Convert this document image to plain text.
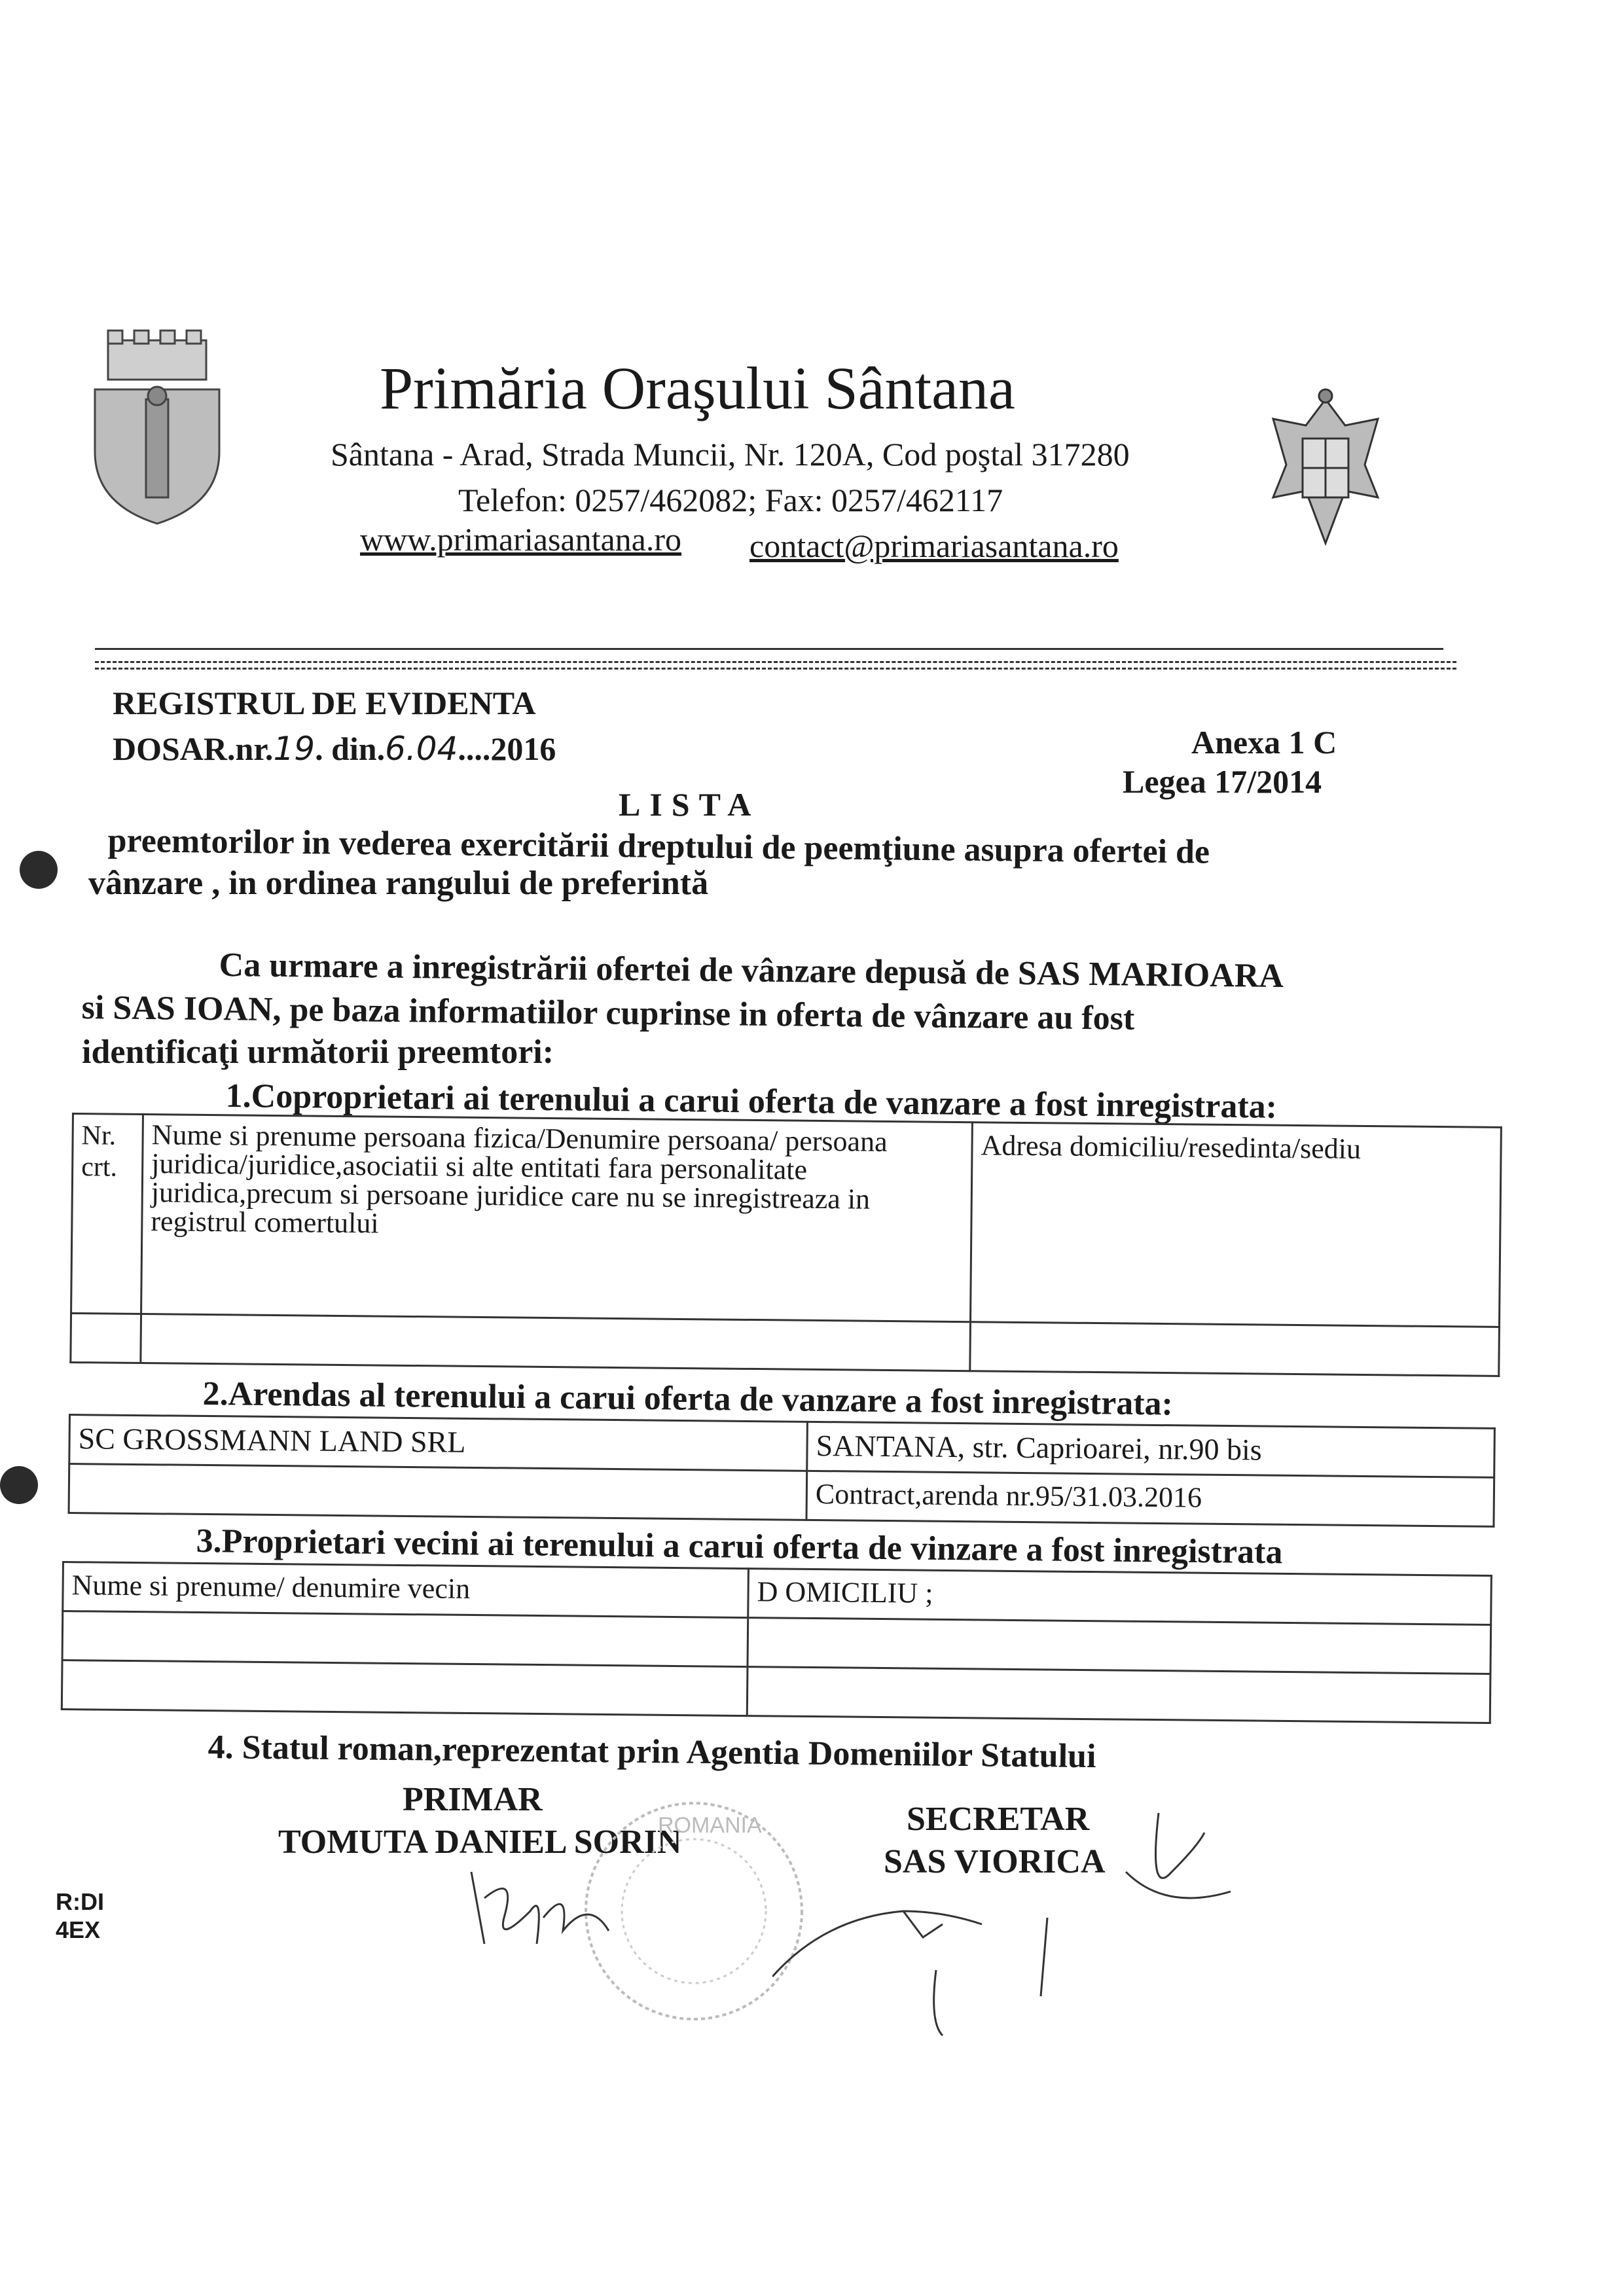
Primăria Oraşului Sântana
Sântana - Arad, Strada Muncii, Nr. 120A, Cod poştal 317280
Telefon: 0257/462082; Fax: 0257/462117
www.primariasantana.ro contact@primariasantana.ro
REGISTRUL DE EVIDENTA
DOSAR.nr.19. din.6.04....2016	Anexa 1 C
Legea 17/2014
LISTA
preemtorilor in vederea exercitării dreptului de peemţiune asupra ofertei de
vânzare , in ordinea rangului de preferintă
Ca urmare a inregistrării ofertei de vânzare depusă de SAS MARIOARA
si SAS IOAN, pe baza informatiilor cuprinse in oferta de vânzare au fost
identificaţi următorii preemtori:
1.Coproprietari ai terenului a carui oferta de vanzare a fost inregistrata:
Nr. crt.	Nume si prenume persoana fizica/Denumire persoana/ persoana juridica/juridice,asociatii si alte entitati fara personalitate juridica,precum si persoane juridice care nu se inregistreaza in registrul comertului	Adresa domiciliu/resedinta/sediu

2.Arendas al terenului a carui oferta de vanzare a fost inregistrata:
SC GROSSMANN LAND SRL	SANTANA, str. Caprioarei, nr.90 bis
	Contract,arenda nr.95/31.03.2016
3.Proprietari vecini ai terenului a carui oferta de vinzare a fost inregistrata
Nume si prenume/ denumire vecin	D OMICILIU ;

4. Statul roman,reprezentat prin Agentia Domeniilor Statului
PRIMAR
TOMUTA DANIEL SORIN
SECRETAR
SAS VIORICA
ROMANIA
R:DI
4EX
